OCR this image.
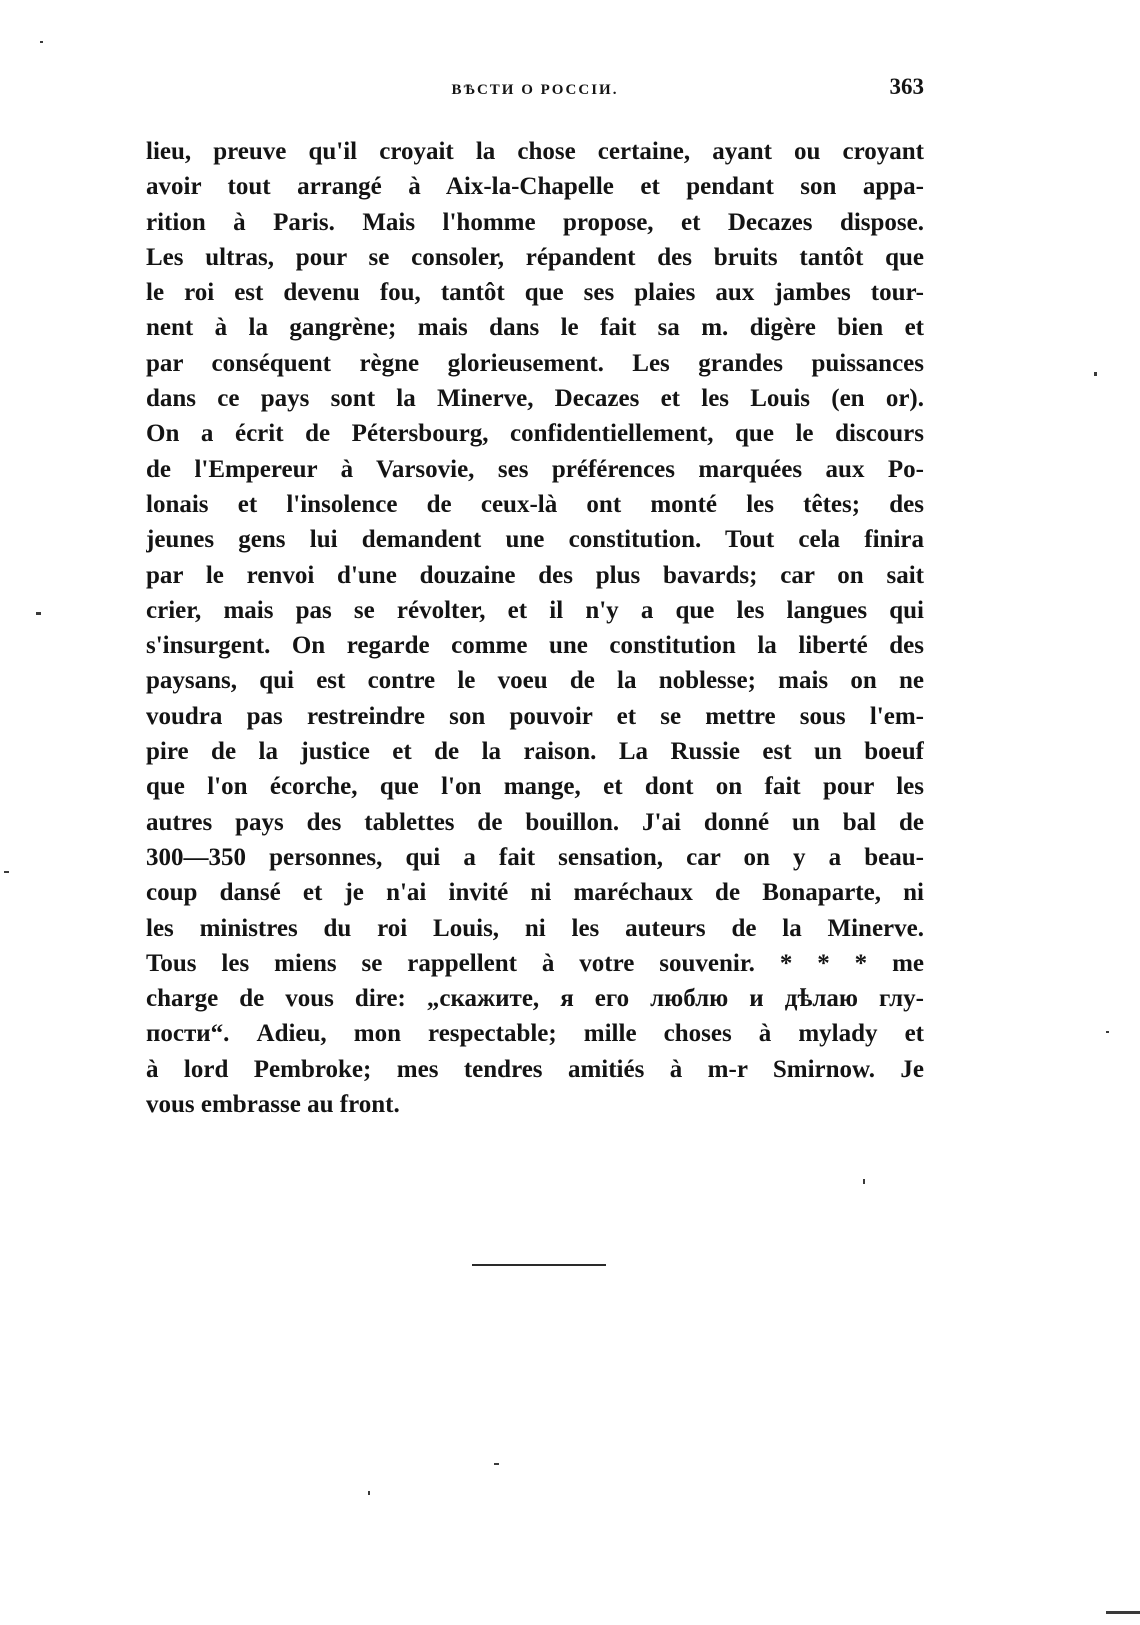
ВѢСТИ О РОССІИ.	363
lieu, preuve qu'il croyait la chose certaine, ayant ou croyant
avoir tout arrangé à Aix-la-Chapelle et pendant son appa-
rition à Paris. Mais l'homme propose, et Decazes dispose.
Les ultras, pour se consoler, répandent des bruits tantôt que
le roi est devenu fou, tantôt que ses plaies aux jambes tour-
nent à la gangrène; mais dans le fait sa m. digère bien et
par conséquent règne glorieusement. Les grandes puissances
dans ce pays sont la Minerve, Decazes et les Louis (en or).
On a écrit de Pétersbourg, confidentiellement, que le discours
de l'Empereur à Varsovie, ses préférences marquées aux Po-
lonais et l'insolence de ceux-là ont monté les têtes; des
jeunes gens lui demandent une constitution. Tout cela finira
par le renvoi d'une douzaine des plus bavards; car on sait
crier, mais pas se révolter, et il n'y a que les langues qui
s'insurgent. On regarde comme une constitution la liberté des
paysans, qui est contre le voeu de la noblesse; mais on ne
voudra pas restreindre son pouvoir et se mettre sous l'em-
pire de la justice et de la raison. La Russie est un boeuf
que l'on écorche, que l'on mange, et dont on fait pour les
autres pays des tablettes de bouillon. J'ai donné un bal de
300—350 personnes, qui a fait sensation, car on y a beau-
coup dansé et je n'ai invité ni maréchaux de Bonaparte, ni
les ministres du roi Louis, ni les auteurs de la Minerve.
Tous les miens se rappellent à votre souvenir. * * * me
charge de vous dire: „скажите, я его люблю и дѣлаю глу-
пости“. Adieu, mon respectable; mille choses à mylady et
à lord Pembroke; mes tendres amitiés à m-r Smirnow. Je
vous embrasse au front.
